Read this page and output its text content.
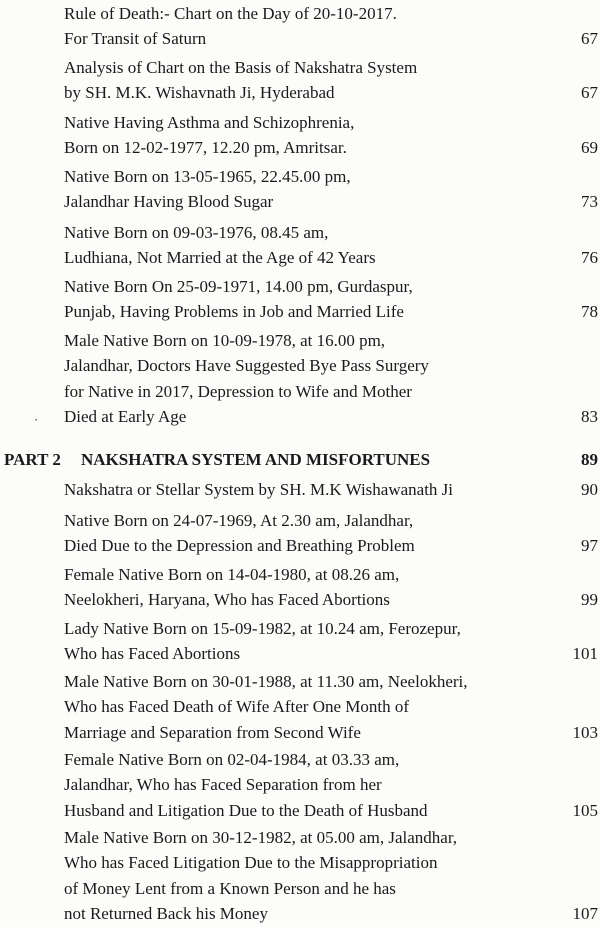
Rule of Death:- Chart on the Day of 20-10-2017.
For Transit of Saturn	67
Analysis of Chart on the Basis of Nakshatra System
by SH. M.K. Wishavnath Ji, Hyderabad	67
Native Having Asthma and Schizophrenia,
Born on 12-02-1977, 12.20 pm, Amritsar.	69
Native Born on 13-05-1965, 22.45.00 pm,
Jalandhar Having Blood Sugar	73
Native Born on 09-03-1976, 08.45 am,
Ludhiana, Not Married at the Age of 42 Years	76
Native Born On 25-09-1971, 14.00 pm, Gurdaspur,
Punjab, Having Problems in Job and Married Life	78
Male Native Born on 10-09-1978, at 16.00 pm,
Jalandhar, Doctors Have Suggested Bye Pass Surgery
for Native in 2017, Depression to Wife and Mother
Died at Early Age	83
·
PART 2 NAKSHATRA SYSTEM AND MISFORTUNES	89
Nakshatra or Stellar System by SH. M.K Wishawanath Ji	90
Native Born on 24-07-1969, At 2.30 am, Jalandhar,
Died Due to the Depression and Breathing Problem	97
Female Native Born on 14-04-1980, at 08.26 am,
Neelokheri, Haryana, Who has Faced Abortions	99
Lady Native Born on 15-09-1982, at 10.24 am, Ferozepur,
Who has Faced Abortions	101
Male Native Born on 30-01-1988, at 11.30 am, Neelokheri,
Who has Faced Death of Wife After One Month of
Marriage and Separation from Second Wife	103
Female Native Born on 02-04-1984, at 03.33 am,
Jalandhar, Who has Faced Separation from her
Husband and Litigation Due to the Death of Husband	105
Male Native Born on 30-12-1982, at 05.00 am, Jalandhar,
Who has Faced Litigation Due to the Misappropriation
of Money Lent from a Known Person and he has
not Returned Back his Money	107
